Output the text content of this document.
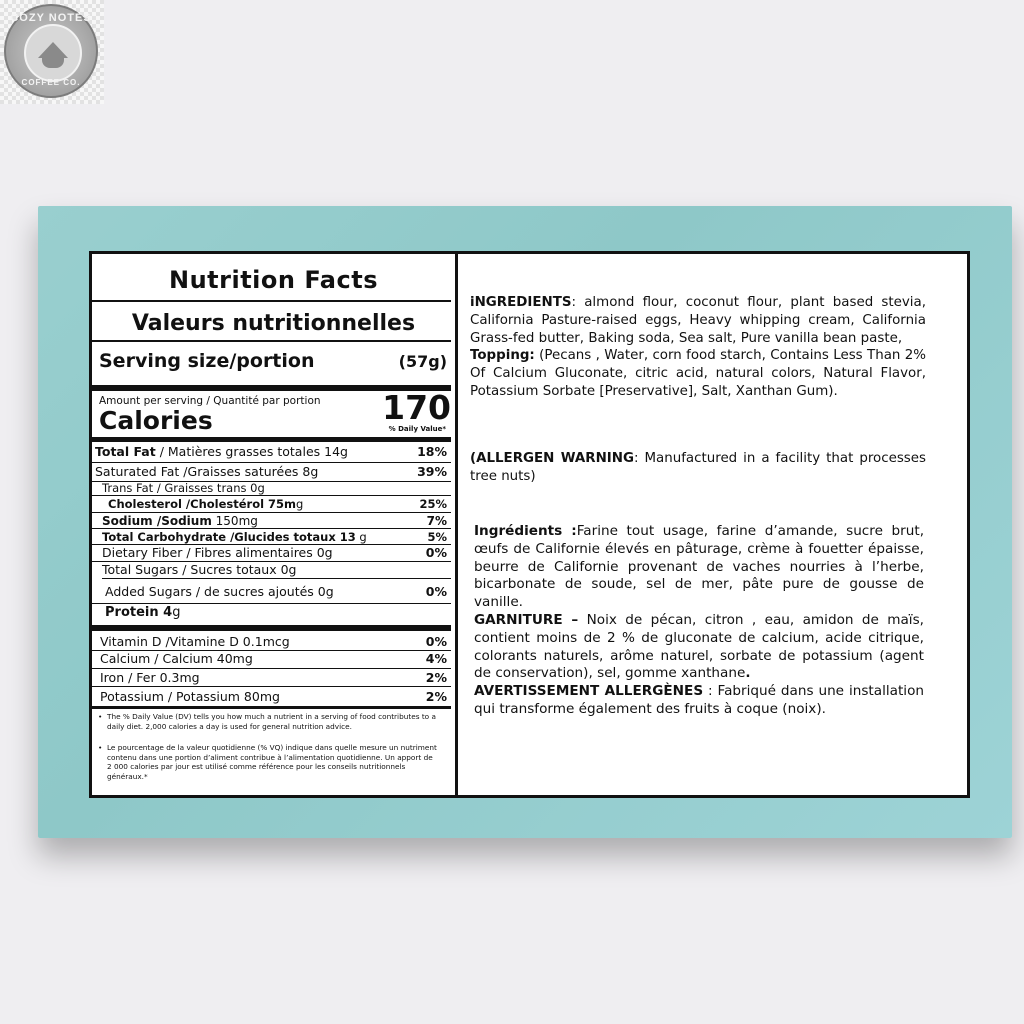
COZY NOTES
COFFEE CO.
Nutrition Facts
Valeurs nutritionnelles
Serving size/portion	(57g)
Amount per serving / Quantité par portion
Calories	170
% Daily Value*
Total Fat / Matières grasses totales 14g	18%
Saturated Fat /Graisses saturées 8g	39%
Trans Fat / Graisses trans 0g
Cholesterol /Cholestérol 75mg	25%
Sodium /Sodium 150mg	7%
Total Carbohydrate /Glucides totaux 13 g	5%
Dietary Fiber / Fibres alimentaires 0g	0%
Total Sugars / Sucres totaux 0g
Added Sugars / de sucres ajoutés 0g	0%
Protein 4g
Vitamin D /Vitamine D 0.1mcg	0%
Calcium / Calcium 40mg	4%
Iron / Fer 0.3mg	2%
Potassium / Potassium 80mg	2%
• The % Daily Value (DV) tells you how much a nutrient in a serving of food contributes to a daily diet. 2,000 calories a day is used for general nutrition advice.
• Le pourcentage de la valeur quotidienne (% VQ) indique dans quelle mesure un nutriment contenu dans une portion d’aliment contribue à l’alimentation quotidienne. Un apport de 2 000 calories par jour est utilisé comme référence pour les conseils nutritionnels généraux.*
iNGREDIENTS: almond flour, coconut flour, plant based stevia, California Pasture-raised eggs, Heavy whipping cream, California Grass-fed butter, Baking soda, Sea salt, Pure vanilla bean paste,
Topping: (Pecans , Water, corn food starch, Contains Less Than 2% Of Calcium Gluconate, citric acid, natural colors, Natural Flavor, Potassium Sorbate [Preservative], Salt, Xanthan Gum).
(ALLERGEN WARNING: Manufactured in a facility that processes tree nuts)
Ingrédients :Farine tout usage, farine d’amande, sucre brut, œufs de Californie élevés en pâturage, crème à fouetter épaisse, beurre de Californie provenant de vaches nourries à l’herbe, bicarbonate de soude, sel de mer, pâte pure de gousse de vanille.
GARNITURE – Noix de pécan, citron , eau, amidon de maïs, contient moins de 2 % de gluconate de calcium, acide citrique, colorants naturels, arôme naturel, sorbate de potassium (agent de conservation), sel, gomme xanthane.
AVERTISSEMENT ALLERGÈNES : Fabriqué dans une installation qui transforme également des fruits à coque (noix).
